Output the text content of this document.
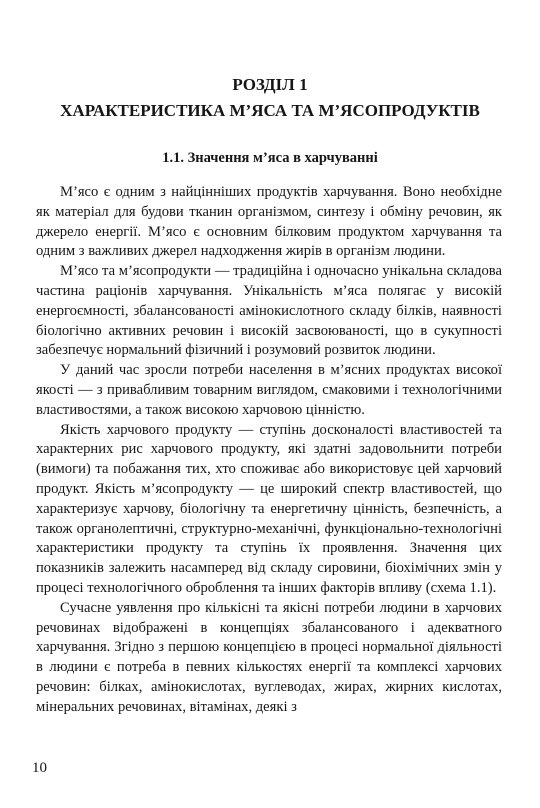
РОЗДІЛ 1
ХАРАКТЕРИСТИКА М’ЯСА ТА М’ЯСОПРОДУКТІВ
1.1. Значення м’яса в харчуванні

М’ясо є одним з найцінніших продуктів харчування. Воно необхідне як матеріал для будови тканин організмом, синтезу і обміну речовин, як джерело енергії. М’ясо є основним білковим продуктом харчування та одним з важливих джерел надходження жирів в організм людини.

М’ясо та м’ясопродукти — традиційна і одночасно унікальна складова частина раціонів харчування. Унікальність м’яса полягає у високій енергоємності, збалансованості амінокислотного складу білків, наявності біологічно активних речовин і високій засвоюваності, що в сукупності забезпечує нормальний фізичний і розумовий розвиток людини.

У даний час зросли потреби населення в м’ясних продуктах високої якості — з привабливим товарним виглядом, смаковими і технологічними властивостями, а також високою харчовою цінністю.

Якість харчового продукту — ступінь досконалості властивостей та характерних рис харчового продукту, які здатні задовольнити потреби (вимоги) та побажання тих, хто споживає або використовує цей харчовий продукт. Якість м’ясопродукту — це широкий спектр властивостей, що характеризує харчову, біологічну та енергетичну цінність, безпечність, а також органолептичні, структурно-механічні, функціонально-технологічні характеристики продукту та ступінь їх проявлення. Значення цих показників залежить насамперед від складу сировини, біохімічних змін у процесі технологічного оброблення та інших факторів впливу (схема 1.1).

Сучасне уявлення про кількісні та якісні потреби людини в харчових речовинах відображені в концепціях збалансованого і адекватного харчування. Згідно з першою концепцією в процесі нормальної діяльності в людини є потреба в певних кількостях енергії та комплексі харчових речовин: білках, амінокислотах, вуглеводах, жирах, жирних кислотах, мінеральних речовинах, вітамінах, деякі з

10
